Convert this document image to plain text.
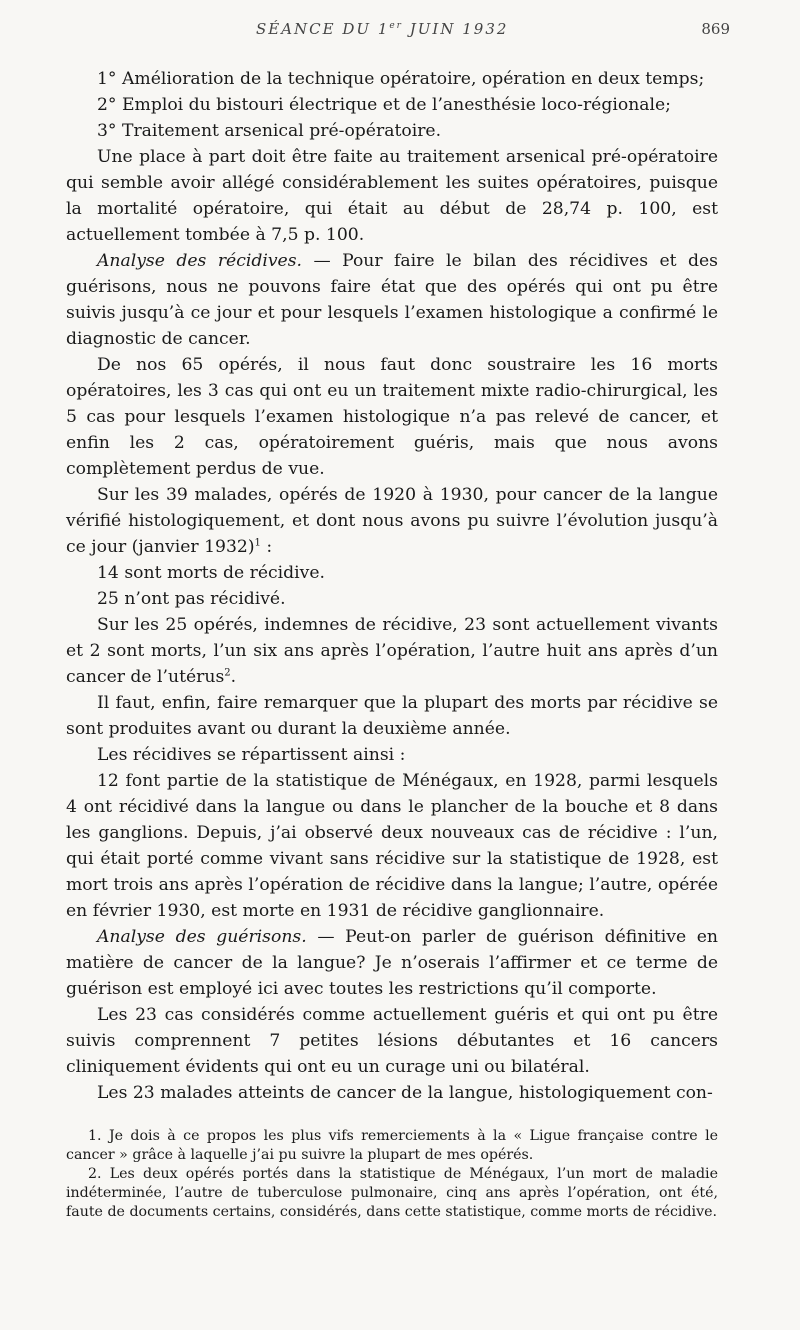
SÉANCE DU 1er JUIN 1932	869

1° Amélioration de la technique opératoire, opération en deux temps;

2° Emploi du bistouri électrique et de l’anesthésie loco-régionale;

3° Traitement arsenical pré-opératoire.

Une place à part doit être faite au traitement arsenical pré-opératoire qui semble avoir allégé considérablement les suites opératoires, puisque la mortalité opératoire, qui était au début de 28,74 p. 100, est actuellement tombée à 7,5 p. 100.

Analyse des récidives. — Pour faire le bilan des récidives et des guérisons, nous ne pouvons faire état que des opérés qui ont pu être suivis jusqu’à ce jour et pour lesquels l’examen histologique a confirmé le diagnostic de cancer.

De nos 65 opérés, il nous faut donc soustraire les 16 morts opératoires, les 3 cas qui ont eu un traitement mixte radio-chirurgical, les 5 cas pour lesquels l’examen histologique n’a pas relevé de cancer, et enfin les 2 cas, opératoirement guéris, mais que nous avons complètement perdus de vue.

Sur les 39 malades, opérés de 1920 à 1930, pour cancer de la langue vérifié histologiquement, et dont nous avons pu suivre l’évolution jusqu’à ce jour (janvier 1932)$^1$ :

14 sont morts de récidive.

25 n’ont pas récidivé.

Sur les 25 opérés, indemnes de récidive, 23 sont actuellement vivants et 2 sont morts, l’un six ans après l’opération, l’autre huit ans après d’un cancer de l’utérus$^2$.

Il faut, enfin, faire remarquer que la plupart des morts par récidive se sont produites avant ou durant la deuxième année.

Les récidives se répartissent ainsi :

12 font partie de la statistique de Ménégaux, en 1928, parmi lesquels 4 ont récidivé dans la langue ou dans le plancher de la bouche et 8 dans les ganglions. Depuis, j’ai observé deux nouveaux cas de récidive : l’un, qui était porté comme vivant sans récidive sur la statistique de 1928, est mort trois ans après l’opération de récidive dans la langue; l’autre, opérée en février 1930, est morte en 1931 de récidive ganglionnaire.

Analyse des guérisons. — Peut-on parler de guérison définitive en matière de cancer de la langue? Je n’oserais l’affirmer et ce terme de guérison est employé ici avec toutes les restrictions qu’il comporte.

Les 23 cas considérés comme actuellement guéris et qui ont pu être suivis comprennent 7 petites lésions débutantes et 16 cancers cliniquement évidents qui ont eu un curage uni ou bilatéral.

Les 23 malades atteints de cancer de la langue, histologiquement con-

1. Je dois à ce propos les plus vifs remerciements à la « Ligue française contre le cancer » grâce à laquelle j’ai pu suivre la plupart de mes opérés.

2. Les deux opérés portés dans la statistique de Ménégaux, l’un mort de maladie indéterminée, l’autre de tuberculose pulmonaire, cinq ans après l’opération, ont été, faute de documents certains, considérés, dans cette statistique, comme morts de récidive.
